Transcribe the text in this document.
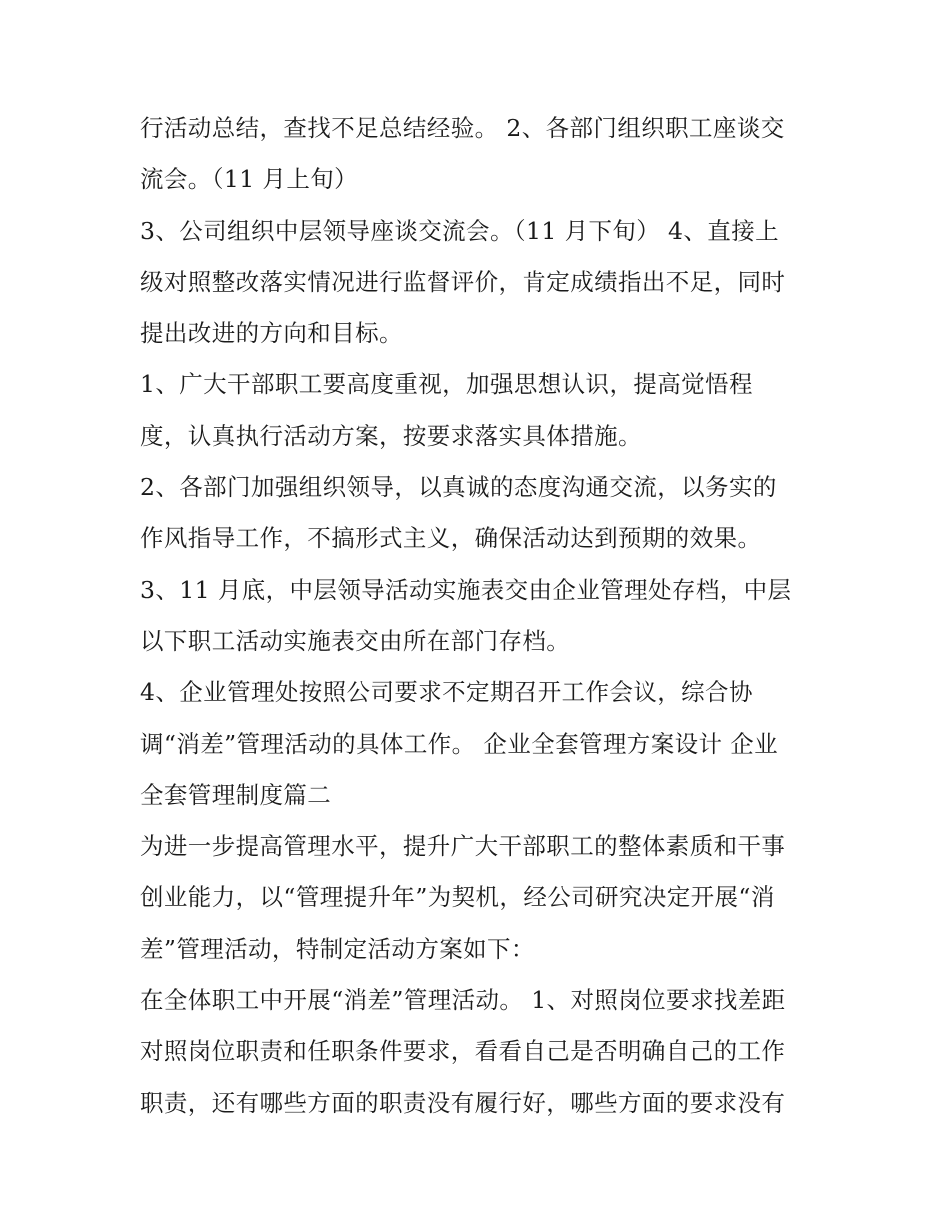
行活动总结，查找不足总结经验。 2、各部门组织职工座谈交
流会。（11 月上旬）
3、公司组织中层领导座谈交流会。（11 月下旬） 4、直接上
级对照整改落实情况进行监督评价，肯定成绩指出不足，同时
提出改进的方向和目标。
1、广大干部职工要高度重视，加强思想认识，提高觉悟程
度，认真执行活动方案，按要求落实具体措施。
2、各部门加强组织领导，以真诚的态度沟通交流，以务实的
作风指导工作，不搞形式主义，确保活动达到预期的效果。
3、11 月底，中层领导活动实施表交由企业管理处存档，中层
以下职工活动实施表交由所在部门存档。
4、企业管理处按照公司要求不定期召开工作会议，综合协
调“消差”管理活动的具体工作。 企业全套管理方案设计 企业
全套管理制度篇二
为进一步提高管理水平，提升广大干部职工的整体素质和干事
创业能力，以“管理提升年”为契机，经公司研究决定开展“消
差”管理活动，特制定活动方案如下：
在全体职工中开展“消差”管理活动。 1、对照岗位要求找差距
对照岗位职责和任职条件要求，看看自己是否明确自己的工作
职责，还有哪些方面的职责没有履行好，哪些方面的要求没有
